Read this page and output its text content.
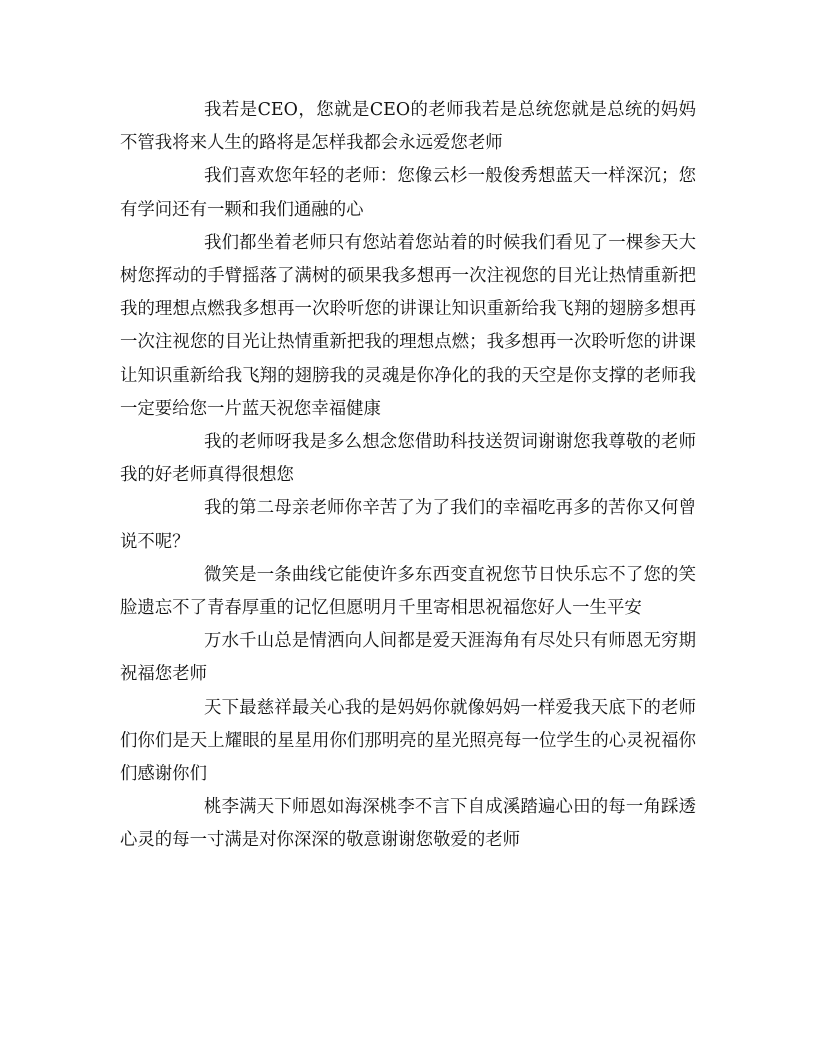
我若是CEO，您就是CEO的老师我若是总统您就是总统的妈妈不管我将来人生的路将是怎样我都会永远爱您老师

我们喜欢您年轻的老师：您像云杉一般俊秀想蓝天一样深沉；您有学问还有一颗和我们通融的心

我们都坐着老师只有您站着您站着的时候我们看见了一棵参天大树您挥动的手臂摇落了满树的硕果我多想再一次注视您的目光让热情重新把我的理想点燃我多想再一次聆听您的讲课让知识重新给我飞翔的翅膀多想再一次注视您的目光让热情重新把我的理想点燃；我多想再一次聆听您的讲课让知识重新给我飞翔的翅膀我的灵魂是你净化的我的天空是你支撑的老师我一定要给您一片蓝天祝您幸福健康

我的老师呀我是多么想念您借助科技送贺词谢谢您我尊敬的老师我的好老师真得很想您

我的第二母亲老师你辛苦了为了我们的幸福吃再多的苦你又何曾说不呢？

微笑是一条曲线它能使许多东西变直祝您节日快乐忘不了您的笑脸遗忘不了青春厚重的记忆但愿明月千里寄相思祝福您好人一生平安

万水千山总是情洒向人间都是爱天涯海角有尽处只有师恩无穷期祝福您老师

天下最慈祥最关心我的是妈妈你就像妈妈一样爱我天底下的老师们你们是天上耀眼的星星用你们那明亮的星光照亮每一位学生的心灵祝福你们感谢你们

桃李满天下师恩如海深桃李不言下自成溪踏遍心田的每一角踩透心灵的每一寸满是对你深深的敬意谢谢您敬爱的老师
